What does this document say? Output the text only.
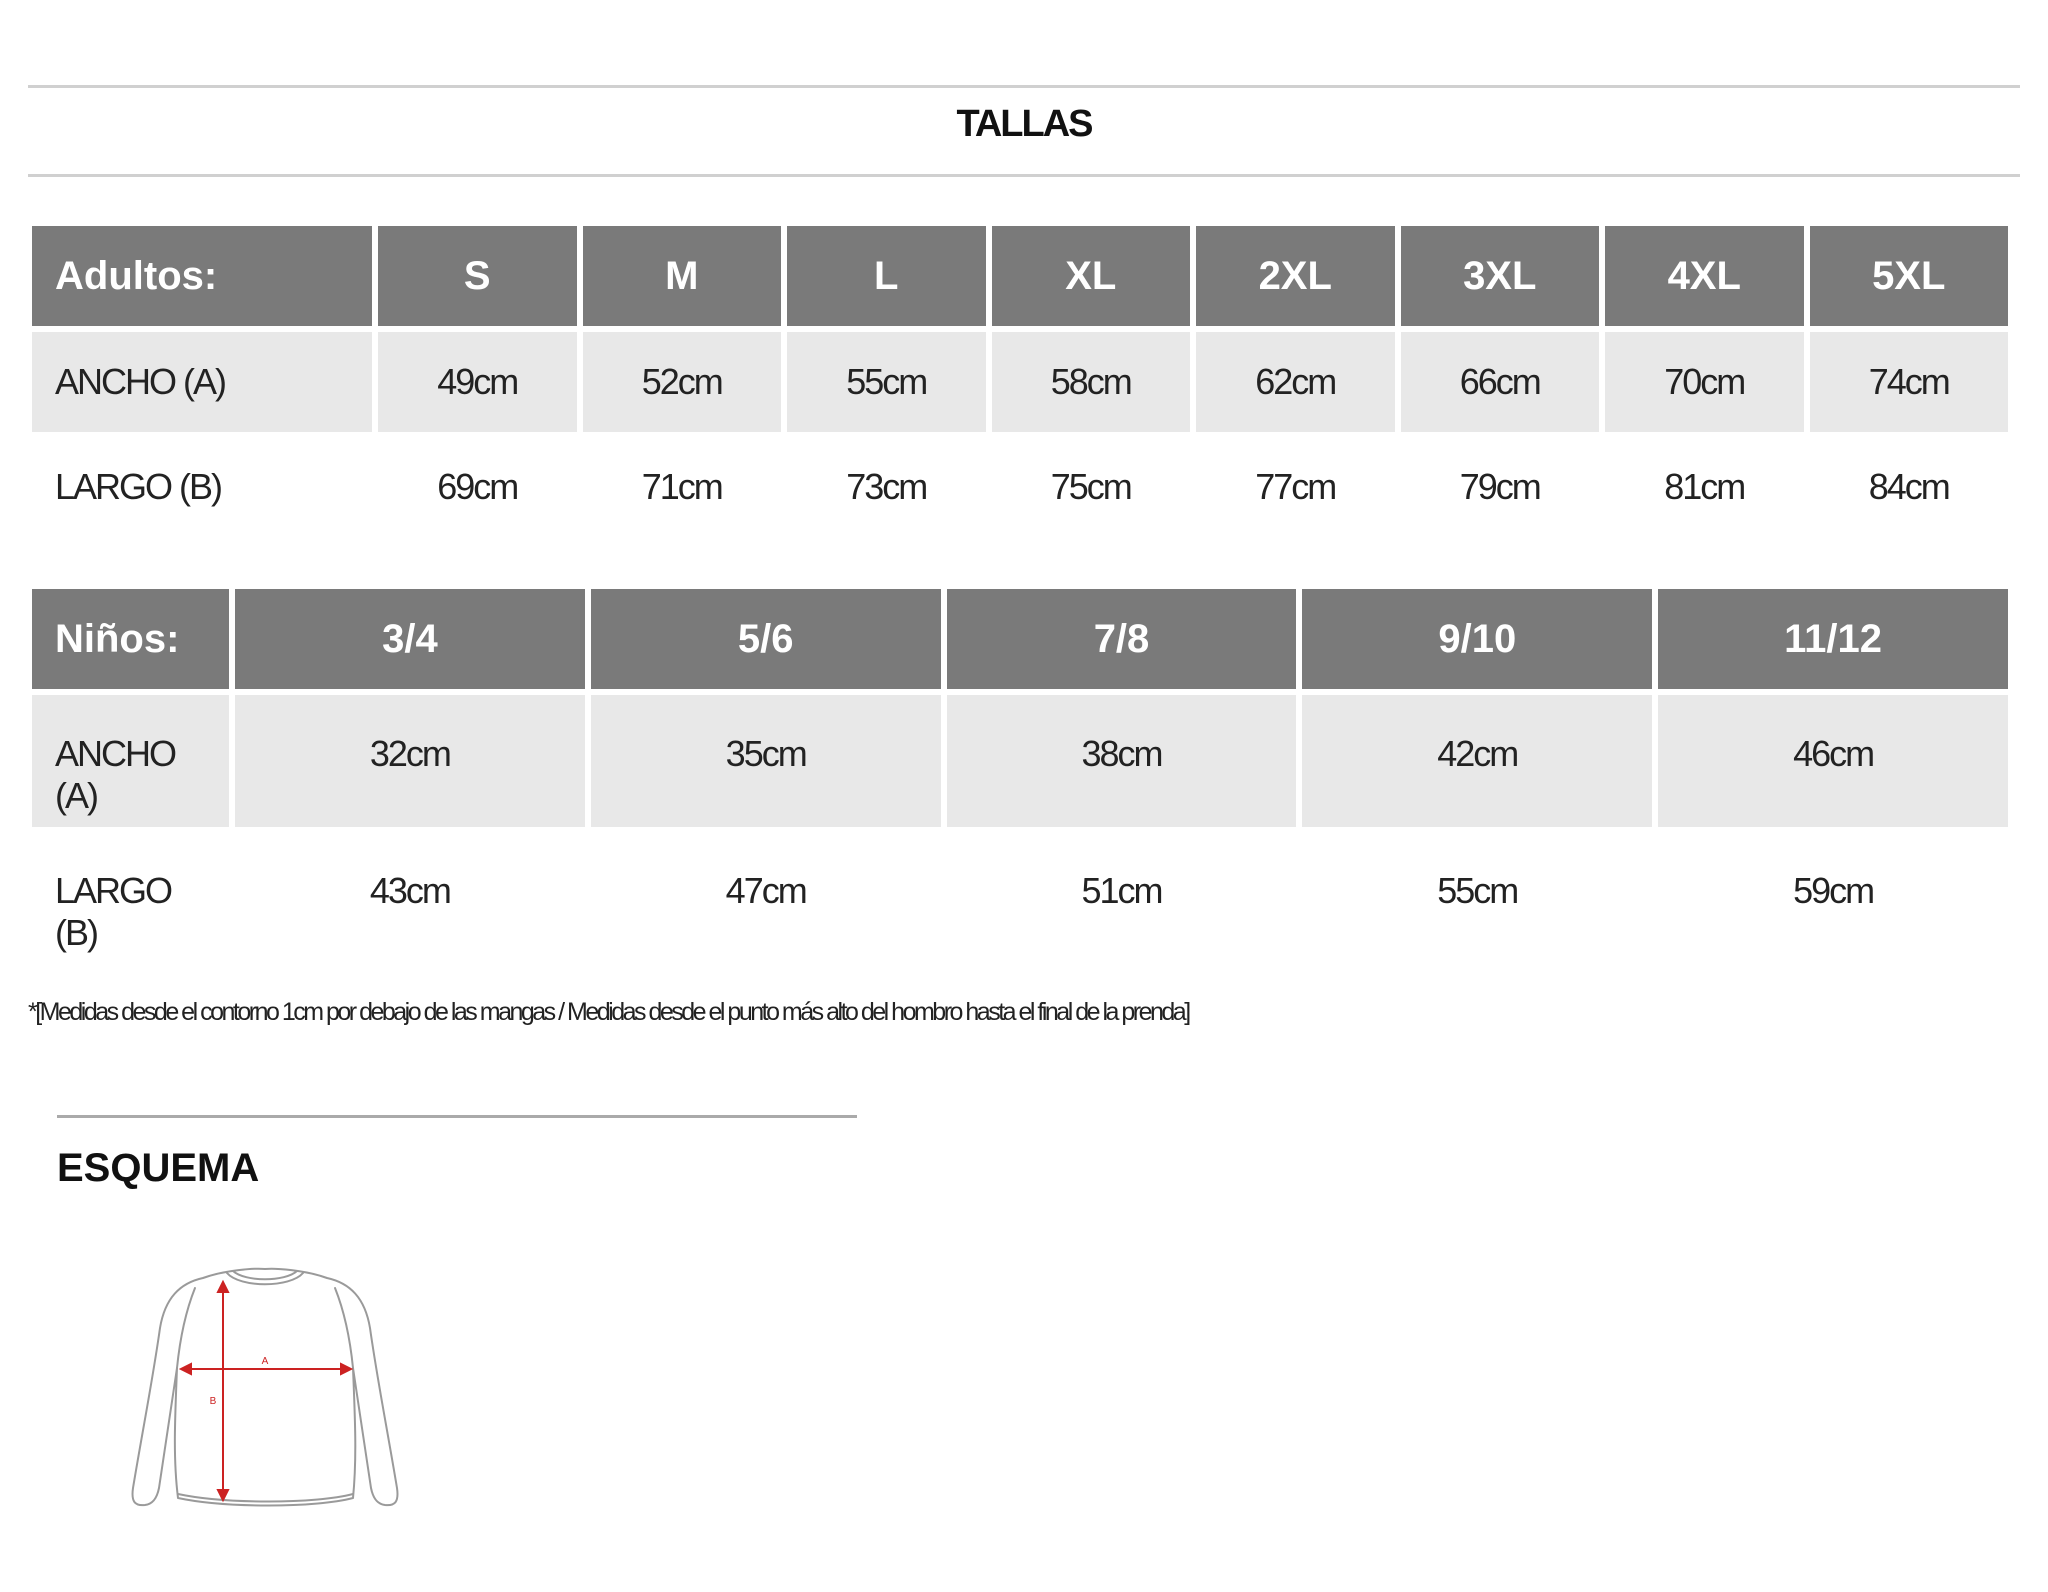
TALLAS
Adultos:	S	M	L	XL	2XL	3XL	4XL	5XL
ANCHO (A)	49cm	52cm	55cm	58cm	62cm	66cm	70cm	74cm
LARGO (B)	69cm	71cm	73cm	75cm	77cm	79cm	81cm	84cm
Niños:	3/4	5/6	7/8	9/10	11/12
ANCHO
(A)	32cm	35cm	38cm	42cm	46cm
LARGO
(B)	43cm	47cm	51cm	55cm	59cm
*[Medidas desde el contorno 1cm por debajo de las mangas / Medidas desde el punto más alto del hombro hasta el final de la prenda]
ESQUEMA
A
B
